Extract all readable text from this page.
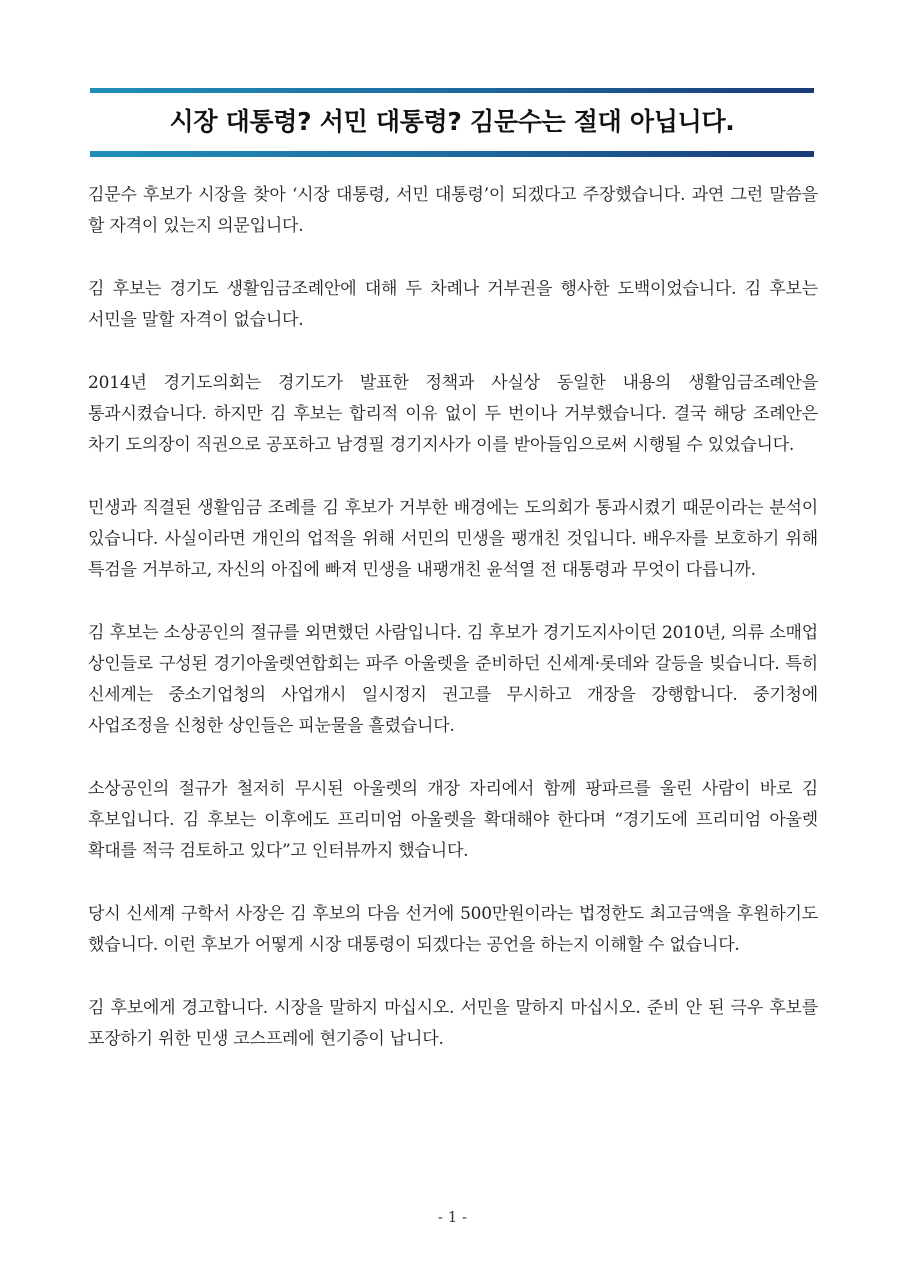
시장 대통령? 서민 대통령? 김문수는 절대 아닙니다.

김문수 후보가 시장을 찾아 ‘시장 대통령, 서민 대통령’이 되겠다고 주장했습니다. 과연 그런 말씀을 할 자격이 있는지 의문입니다.

김 후보는 경기도 생활임금조례안에 대해 두 차례나 거부권을 행사한 도백이었습니다. 김 후보는 서민을 말할 자격이 없습니다.

2014년 경기도의회는 경기도가 발표한 정책과 사실상 동일한 내용의 생활임금조례안을 통과시켰습니다. 하지만 김 후보는 합리적 이유 없이 두 번이나 거부했습니다. 결국 해당 조례안은 차기 도의장이 직권으로 공포하고 남경필 경기지사가 이를 받아들임으로써 시행될 수 있었습니다.

민생과 직결된 생활임금 조례를 김 후보가 거부한 배경에는 도의회가 통과시켰기 때문이라는 분석이 있습니다. 사실이라면 개인의 업적을 위해 서민의 민생을 팽개친 것입니다. 배우자를 보호하기 위해 특검을 거부하고, 자신의 아집에 빠져 민생을 내팽개친 윤석열 전 대통령과 무엇이 다릅니까.

김 후보는 소상공인의 절규를 외면했던 사람입니다. 김 후보가 경기도지사이던 2010년, 의류 소매업 상인들로 구성된 경기아울렛연합회는 파주 아울렛을 준비하던 신세계·롯데와 갈등을 빚습니다. 특히 신세계는 중소기업청의 사업개시 일시정지 권고를 무시하고 개장을 강행합니다. 중기청에 사업조정을 신청한 상인들은 피눈물을 흘렸습니다.

소상공인의 절규가 철저히 무시된 아울렛의 개장 자리에서 함께 팡파르를 울린 사람이 바로 김 후보입니다. 김 후보는 이후에도 프리미엄 아울렛을 확대해야 한다며 “경기도에 프리미엄 아울렛 확대를 적극 검토하고 있다”고 인터뷰까지 했습니다.

당시 신세계 구학서 사장은 김 후보의 다음 선거에 500만원이라는 법정한도 최고금액을 후원하기도 했습니다. 이런 후보가 어떻게 시장 대통령이 되겠다는 공언을 하는지 이해할 수 없습니다.

김 후보에게 경고합니다. 시장을 말하지 마십시오. 서민을 말하지 마십시오. 준비 안 된 극우 후보를 포장하기 위한 민생 코스프레에 현기증이 납니다.

- 1 -
